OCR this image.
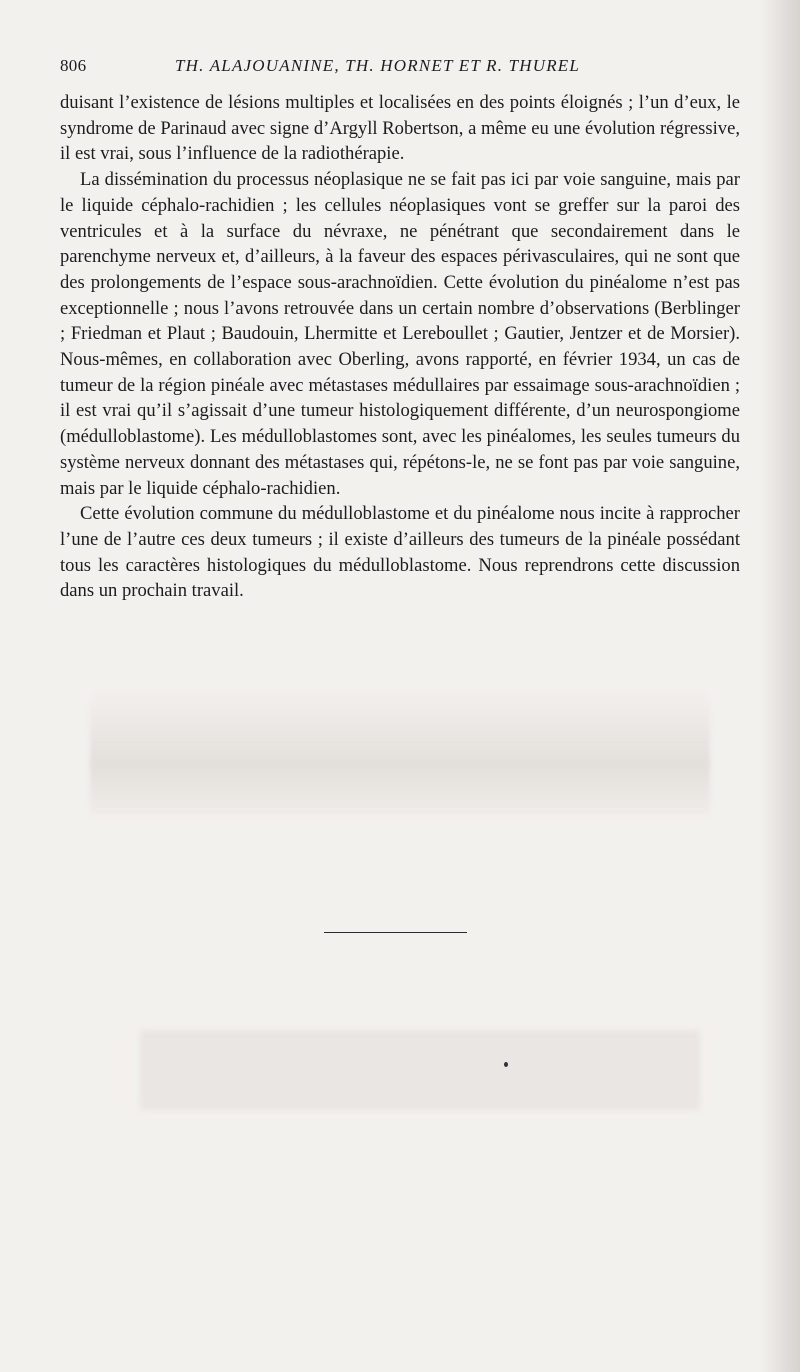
806	TH. ALAJOUANINE, TH. HORNET ET R. THUREL

duisant l’existence de lésions multiples et localisées en des points éloignés ; l’un d’eux, le syndrome de Parinaud avec signe d’Argyll Robertson, a même eu une évolution régressive, il est vrai, sous l’influence de la radiothérapie.

La dissémination du processus néoplasique ne se fait pas ici par voie sanguine, mais par le liquide céphalo-rachidien ; les cellules néoplasiques vont se greffer sur la paroi des ventricules et à la surface du névraxe, ne pénétrant que secondairement dans le parenchyme nerveux et, d’ailleurs, à la faveur des espaces périvasculaires, qui ne sont que des prolongements de l’espace sous-arachnoïdien. Cette évolution du pinéalome n’est pas exceptionnelle ; nous l’avons retrouvée dans un certain nombre d’observations (Berblinger ; Friedman et Plaut ; Baudouin, Lhermitte et Lereboullet ; Gautier, Jentzer et de Morsier). Nous-mêmes, en collaboration avec Oberling, avons rapporté, en février 1934, un cas de tumeur de la région pinéale avec métastases médullaires par essaimage sous-arachnoïdien ; il est vrai qu’il s’agissait d’une tumeur histologiquement différente, d’un neurospongiome (médulloblastome). Les médulloblastomes sont, avec les pinéalomes, les seules tumeurs du système nerveux donnant des métastases qui, répétons-le, ne se font pas par voie sanguine, mais par le liquide céphalo-rachidien.

Cette évolution commune du médulloblastome et du pinéalome nous incite à rapprocher l’une de l’autre ces deux tumeurs ; il existe d’ailleurs des tumeurs de la pinéale possédant tous les caractères histologiques du médulloblastome. Nous reprendrons cette discussion dans un prochain travail.
